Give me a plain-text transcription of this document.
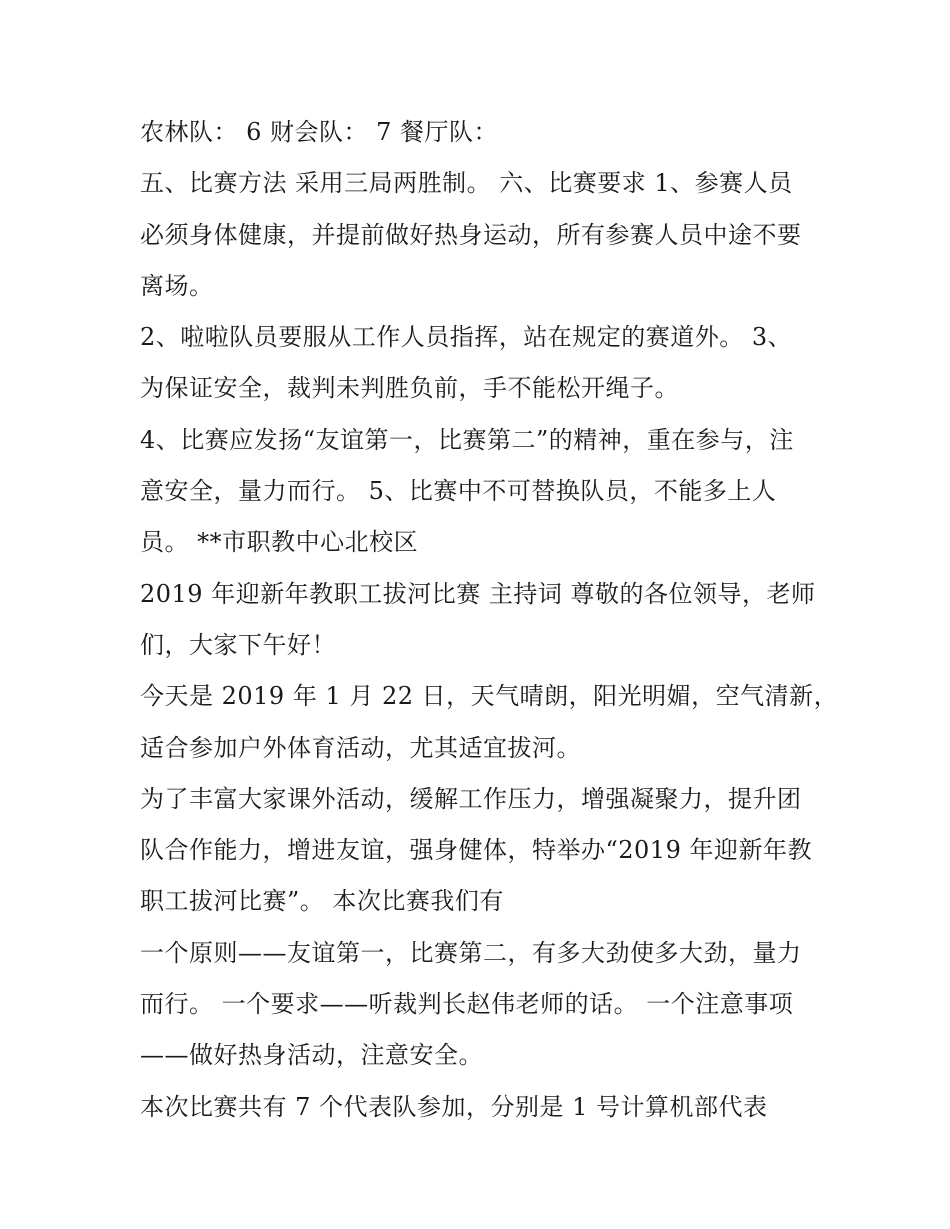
农林队： 6 财会队： 7 餐厅队：
五、比赛方法 采用三局两胜制。 六、比赛要求 1、参赛人员
必须身体健康，并提前做好热身运动，所有参赛人员中途不要
离场。
2、啦啦队员要服从工作人员指挥，站在规定的赛道外。 3、
为保证安全，裁判未判胜负前，手不能松开绳子。
4、比赛应发扬“友谊第一，比赛第二”的精神，重在参与，注
意安全，量力而行。 5、比赛中不可替换队员，不能多上人
员。 **市职教中心北校区
2019 年迎新年教职工拔河比赛 主持词 尊敬的各位领导，老师
们，大家下午好！
今天是 2019 年 1 月 22 日，天气晴朗，阳光明媚，空气清新，
适合参加户外体育活动，尤其适宜拔河。
为了丰富大家课外活动，缓解工作压力，增强凝聚力，提升团
队合作能力，增进友谊，强身健体，特举办“2019 年迎新年教
职工拔河比赛”。 本次比赛我们有
一个原则——友谊第一，比赛第二，有多大劲使多大劲，量力
而行。 一个要求——听裁判长赵伟老师的话。 一个注意事项
——做好热身活动，注意安全。
本次比赛共有 7 个代表队参加，分别是 1 号计算机部代表
